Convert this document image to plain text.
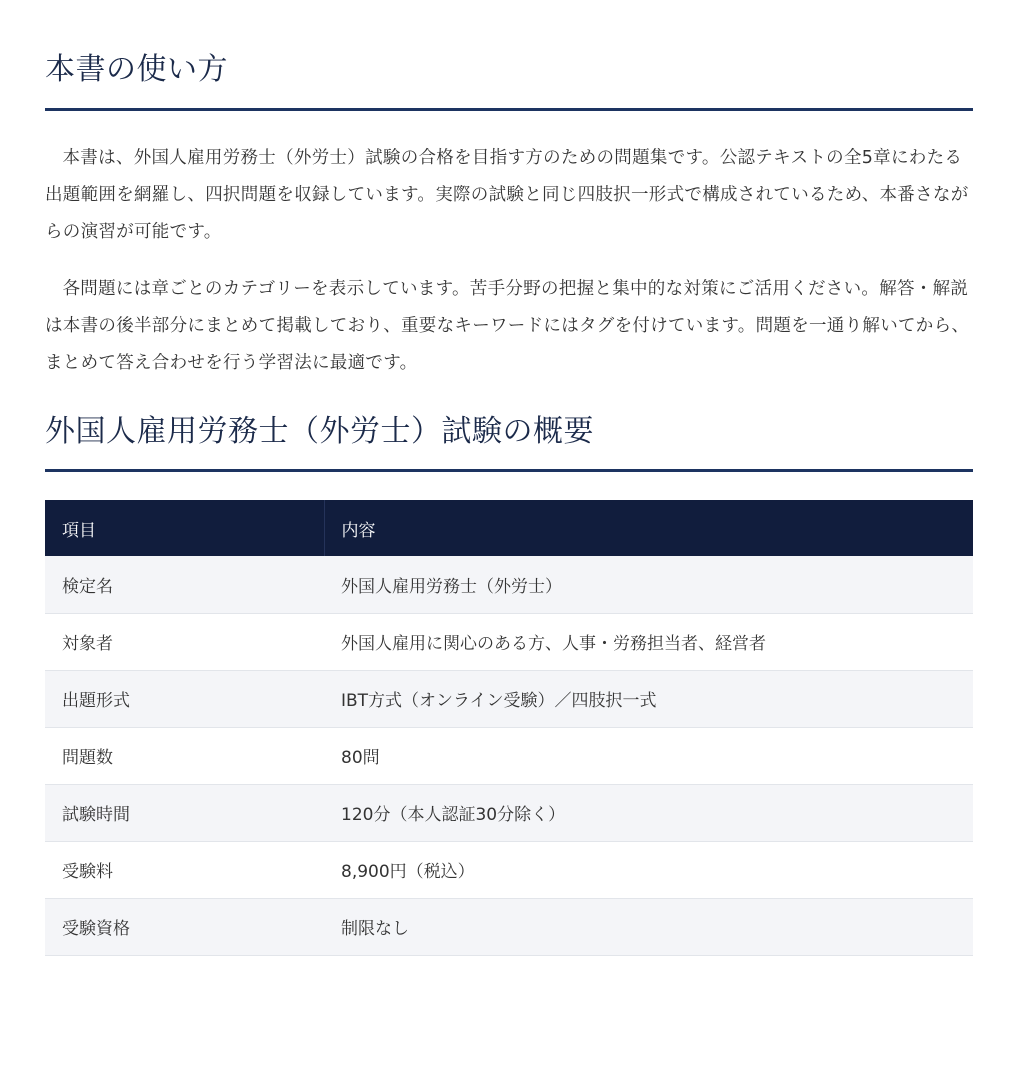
本書の使い方

本書は、外国人雇用労務士（外労士）試験の合格を目指す方のための問題集です。公認テキストの全5章にわたる出題範囲を網羅し、四択問題を収録しています。実際の試験と同じ四肢択一形式で構成されているため、本番さながらの演習が可能です。

各問題には章ごとのカテゴリーを表示しています。苦手分野の把握と集中的な対策にご活用ください。解答・解説は本書の後半部分にまとめて掲載しており、重要なキーワードにはタグを付けています。問題を一通り解いてから、まとめて答え合わせを行う学習法に最適です。

外国人雇用労務士（外労士）試験の概要
項目	内容
検定名	外国人雇用労務士（外労士）
対象者	外国人雇用に関心のある方、人事・労務担当者、経営者
出題形式	IBT方式（オンライン受験）／四肢択一式
問題数	80問
試験時間	120分（本人認証30分除く）
受験料	8,900円（税込）
受験資格	制限なし
